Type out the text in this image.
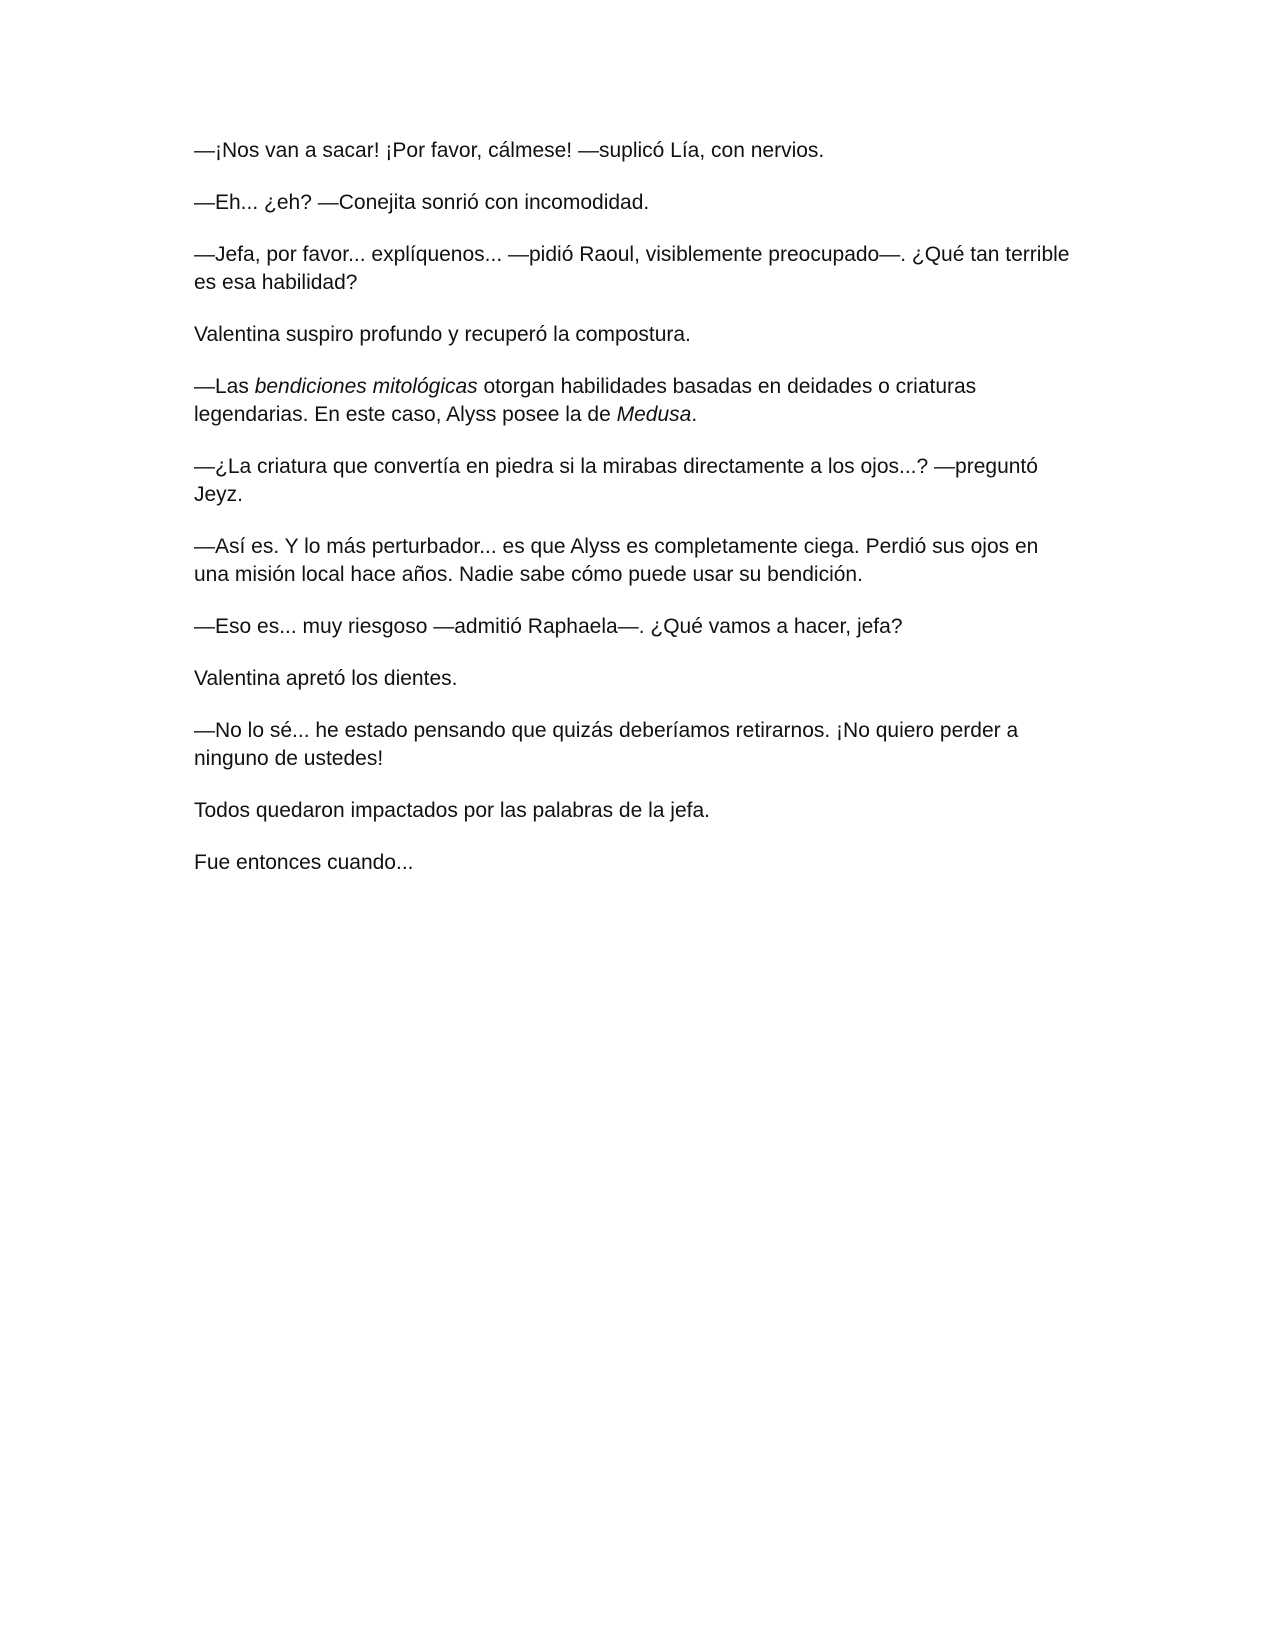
—¡Nos van a sacar! ¡Por favor, cálmese! —suplicó Lía, con nervios.

—Eh... ¿eh? —Conejita sonrió con incomodidad.

—Jefa, por favor... explíquenos... —pidió Raoul, visiblemente preocupado—. ¿Qué tan terrible es esa habilidad?

Valentina suspiro profundo y recuperó la compostura.

—Las bendiciones mitológicas otorgan habilidades basadas en deidades o criaturas legendarias. En este caso, Alyss posee la de Medusa.

—¿La criatura que convertía en piedra si la mirabas directamente a los ojos...? —preguntó Jeyz.

—Así es. Y lo más perturbador... es que Alyss es completamente ciega. Perdió sus ojos en una misión local hace años. Nadie sabe cómo puede usar su bendición.

—Eso es... muy riesgoso —admitió Raphaela—. ¿Qué vamos a hacer, jefa?

Valentina apretó los dientes.

—No lo sé... he estado pensando que quizás deberíamos retirarnos. ¡No quiero perder a ninguno de ustedes!

Todos quedaron impactados por las palabras de la jefa.

Fue entonces cuando...
